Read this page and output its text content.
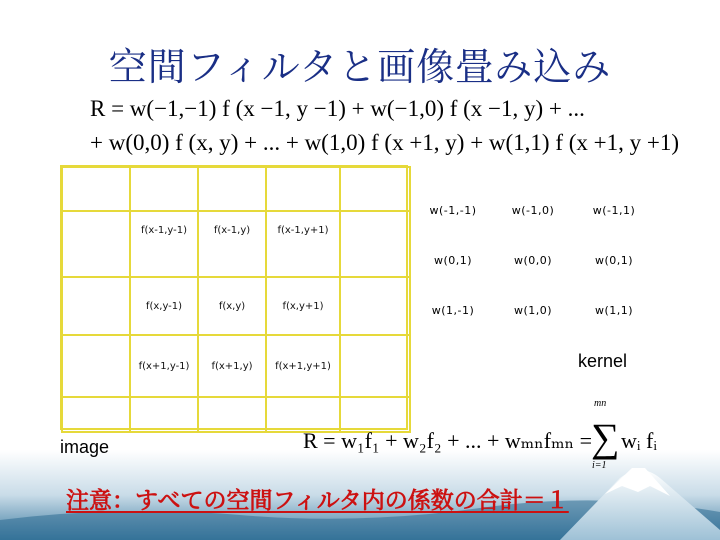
空間フィルタと画像畳み込み
R = w(−1,−1) f (x −1, y −1) + w(−1,0) f (x −1, y) + ...
+ w(0,0) f (x, y) + ... + w(1,0) f (x +1, y) + w(1,1) f (x +1, y +1)
f(x-1,y-1)	f(x-1,y)	f(x-1,y+1)
f(x,y-1)	f(x,y)	f(x,y+1)
f(x+1,y-1) f(x+1,y) f(x+1,y+1)
image
w(-1,-1)	w(-1,0)	w(-1,1)
w(0,1)	w(0,0)	w(0,1)
w(1,-1)	w(1,0)	w(1,1)
kernel
R = w₁f₁ + w₂f₂ + ... + wₘₙfₘₙ =
mn
∑
i=1
wᵢ fᵢ
注意：すべての空間フィルタ内の係数の合計＝１
